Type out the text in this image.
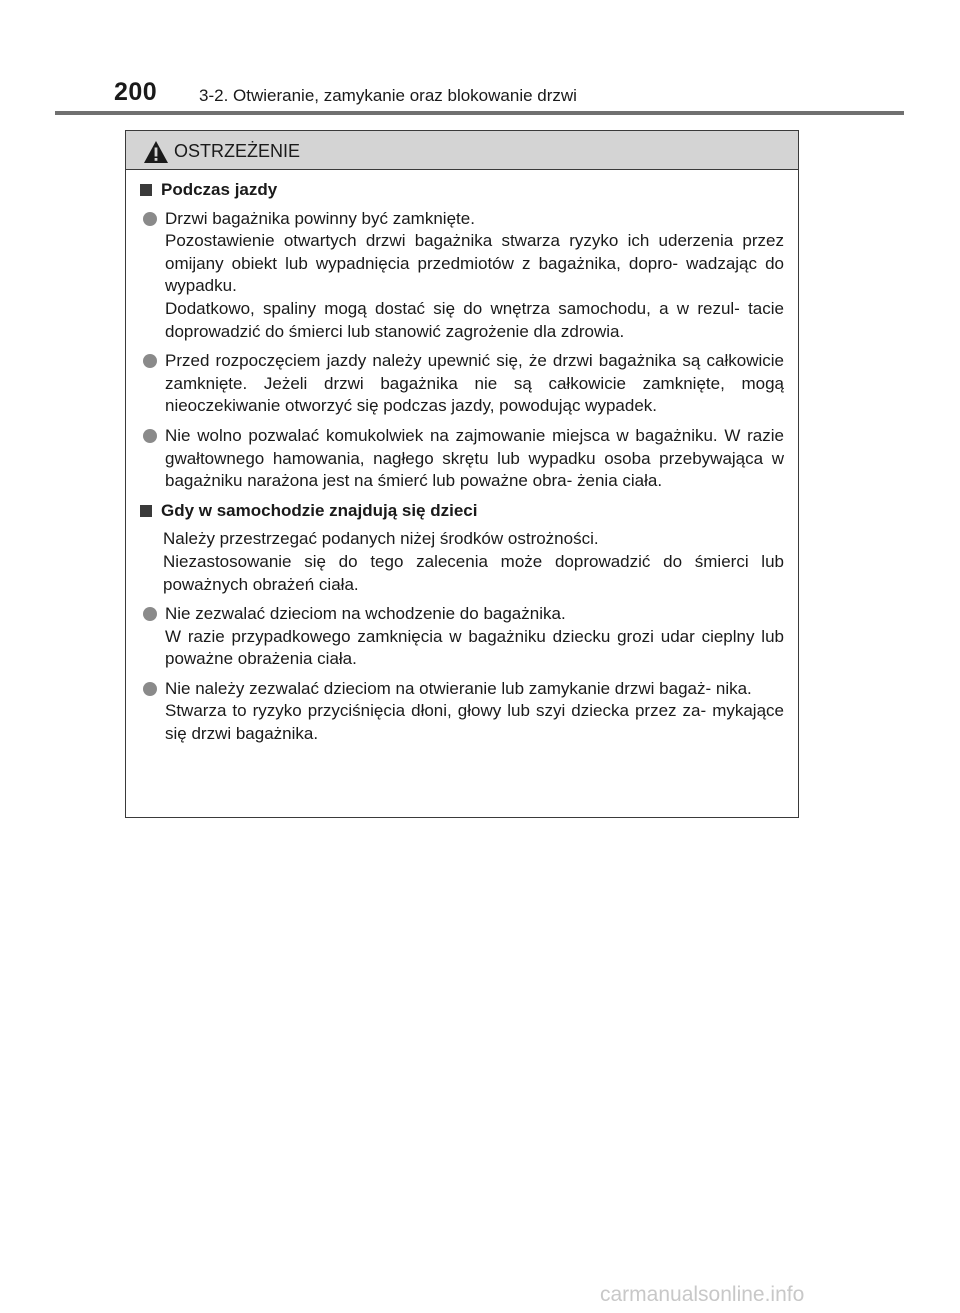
200 3-2. Otwieranie, zamykanie oraz blokowanie drzwi
OSTRZEŻENIE
Podczas jazdy

Drzwi bagażnika powinny być zamknięte.

Pozostawienie otwartych drzwi bagażnika stwarza ryzyko ich uderzenia przez omijany obiekt lub wypadnięcia przedmiotów z bagażnika, dopro- wadzając do wypadku.

Dodatkowo, spaliny mogą dostać się do wnętrza samochodu, a w rezul- tacie doprowadzić do śmierci lub stanowić zagrożenie dla zdrowia.

Przed rozpoczęciem jazdy należy upewnić się, że drzwi bagażnika są całkowicie zamknięte. Jeżeli drzwi bagażnika nie są całkowicie zamknięte, mogą nieoczekiwanie otworzyć się podczas jazdy, powodując wypadek.

Nie wolno pozwalać komukolwiek na zajmowanie miejsca w bagażniku. W razie gwałtownego hamowania, nagłego skrętu lub wypadku osoba przebywająca w bagażniku narażona jest na śmierć lub poważne obra- żenia ciała.

Gdy w samochodzie znajdują się dzieci

Należy przestrzegać podanych niżej środków ostrożności.

Niezastosowanie się do tego zalecenia może doprowadzić do śmierci lub poważnych obrażeń ciała.

Nie zezwalać dzieciom na wchodzenie do bagażnika.

W razie przypadkowego zamknięcia w bagażniku dziecku grozi udar cieplny lub poważne obrażenia ciała.

Nie należy zezwalać dzieciom na otwieranie lub zamykanie drzwi bagaż- nika.

Stwarza to ryzyko przyciśnięcia dłoni, głowy lub szyi dziecka przez za- mykające się drzwi bagażnika.

carmanualsonline.info
